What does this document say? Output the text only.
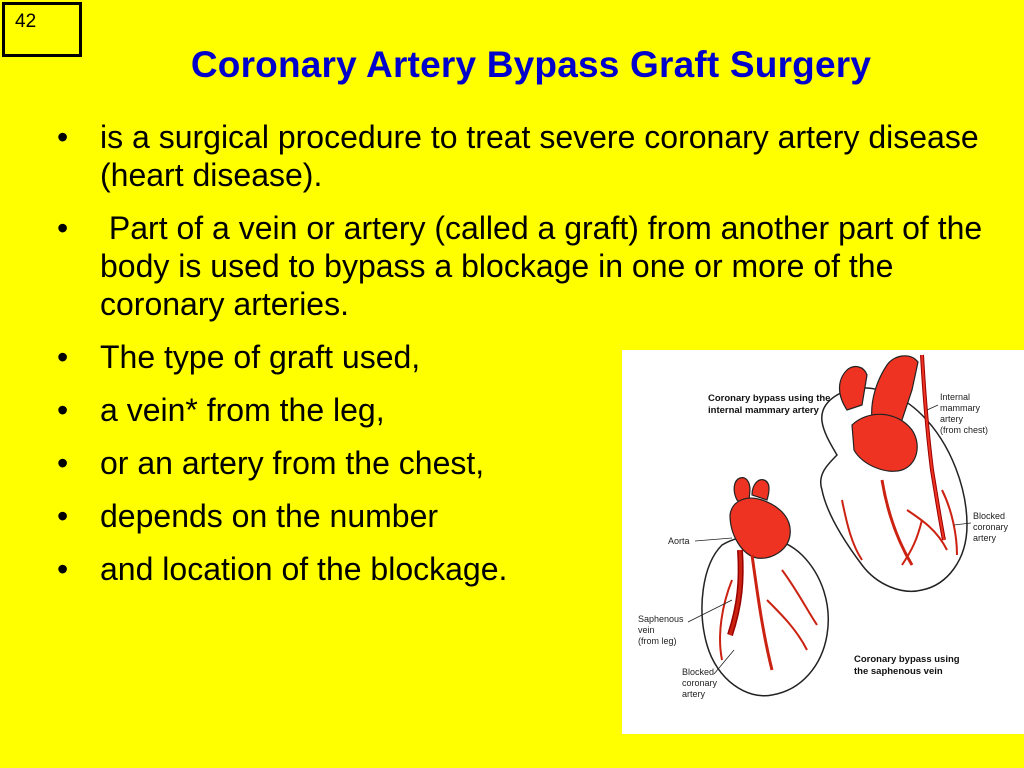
42
Coronary Artery Bypass Graft Surgery
• is a surgical procedure to treat severe coronary artery disease (heart disease).
• Part of a vein or artery (called a graft) from another part of the body is used to bypass a blockage in one or more of the coronary arteries.
• The type of graft used,
• a vein* from the leg,
• or an artery from the chest,
• depends on the number
• and location of the blockage.
Coronary bypass using the
internal mammary artery
Internal
mammary
artery
(from chest)
Blocked
coronary
artery
Aorta
Saphenous
vein
(from leg)
Blocked
coronary
artery
Coronary bypass using
the saphenous vein
